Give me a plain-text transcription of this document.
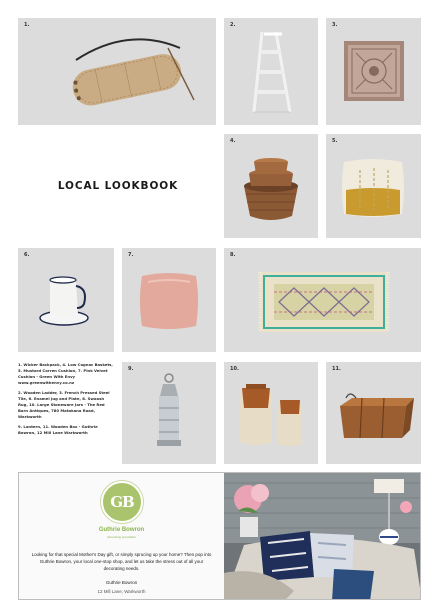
1.	2.	3.
LOCAL LOOKBOOK
4.	5.
6.	7.	8.

1. Wicker Backpack, 4. Low Cognac Baskets, 5. Mustard Corren Cushion, 7. Pink Velvet Cushion - Green With Envy www.greenwithenvy.co.nz

2. Wooden Ladder, 3. French Pressed Steel Tile, 6. Enamel Jug and Plate, 8. Swoosh Rug, 10. Large Stoneware Jars - The Red Barn Antiques, 780 Matakana Road, Warkworth

9. Lantern, 11. Wooden Box - Guthrie Bowron, 12 Mill Lane Warkworth

9.	10.	11.
GB
Guthrie Bowron
decorating specialists
Looking for that special Mother's Day gift, or simply sprucing up your home? Then pop into Guthrie Bowron, your local one-stop shop, and let us take the stress out of all your decorating needs.
Guthrie Bowron
12 Mill Lane, Warkworth
